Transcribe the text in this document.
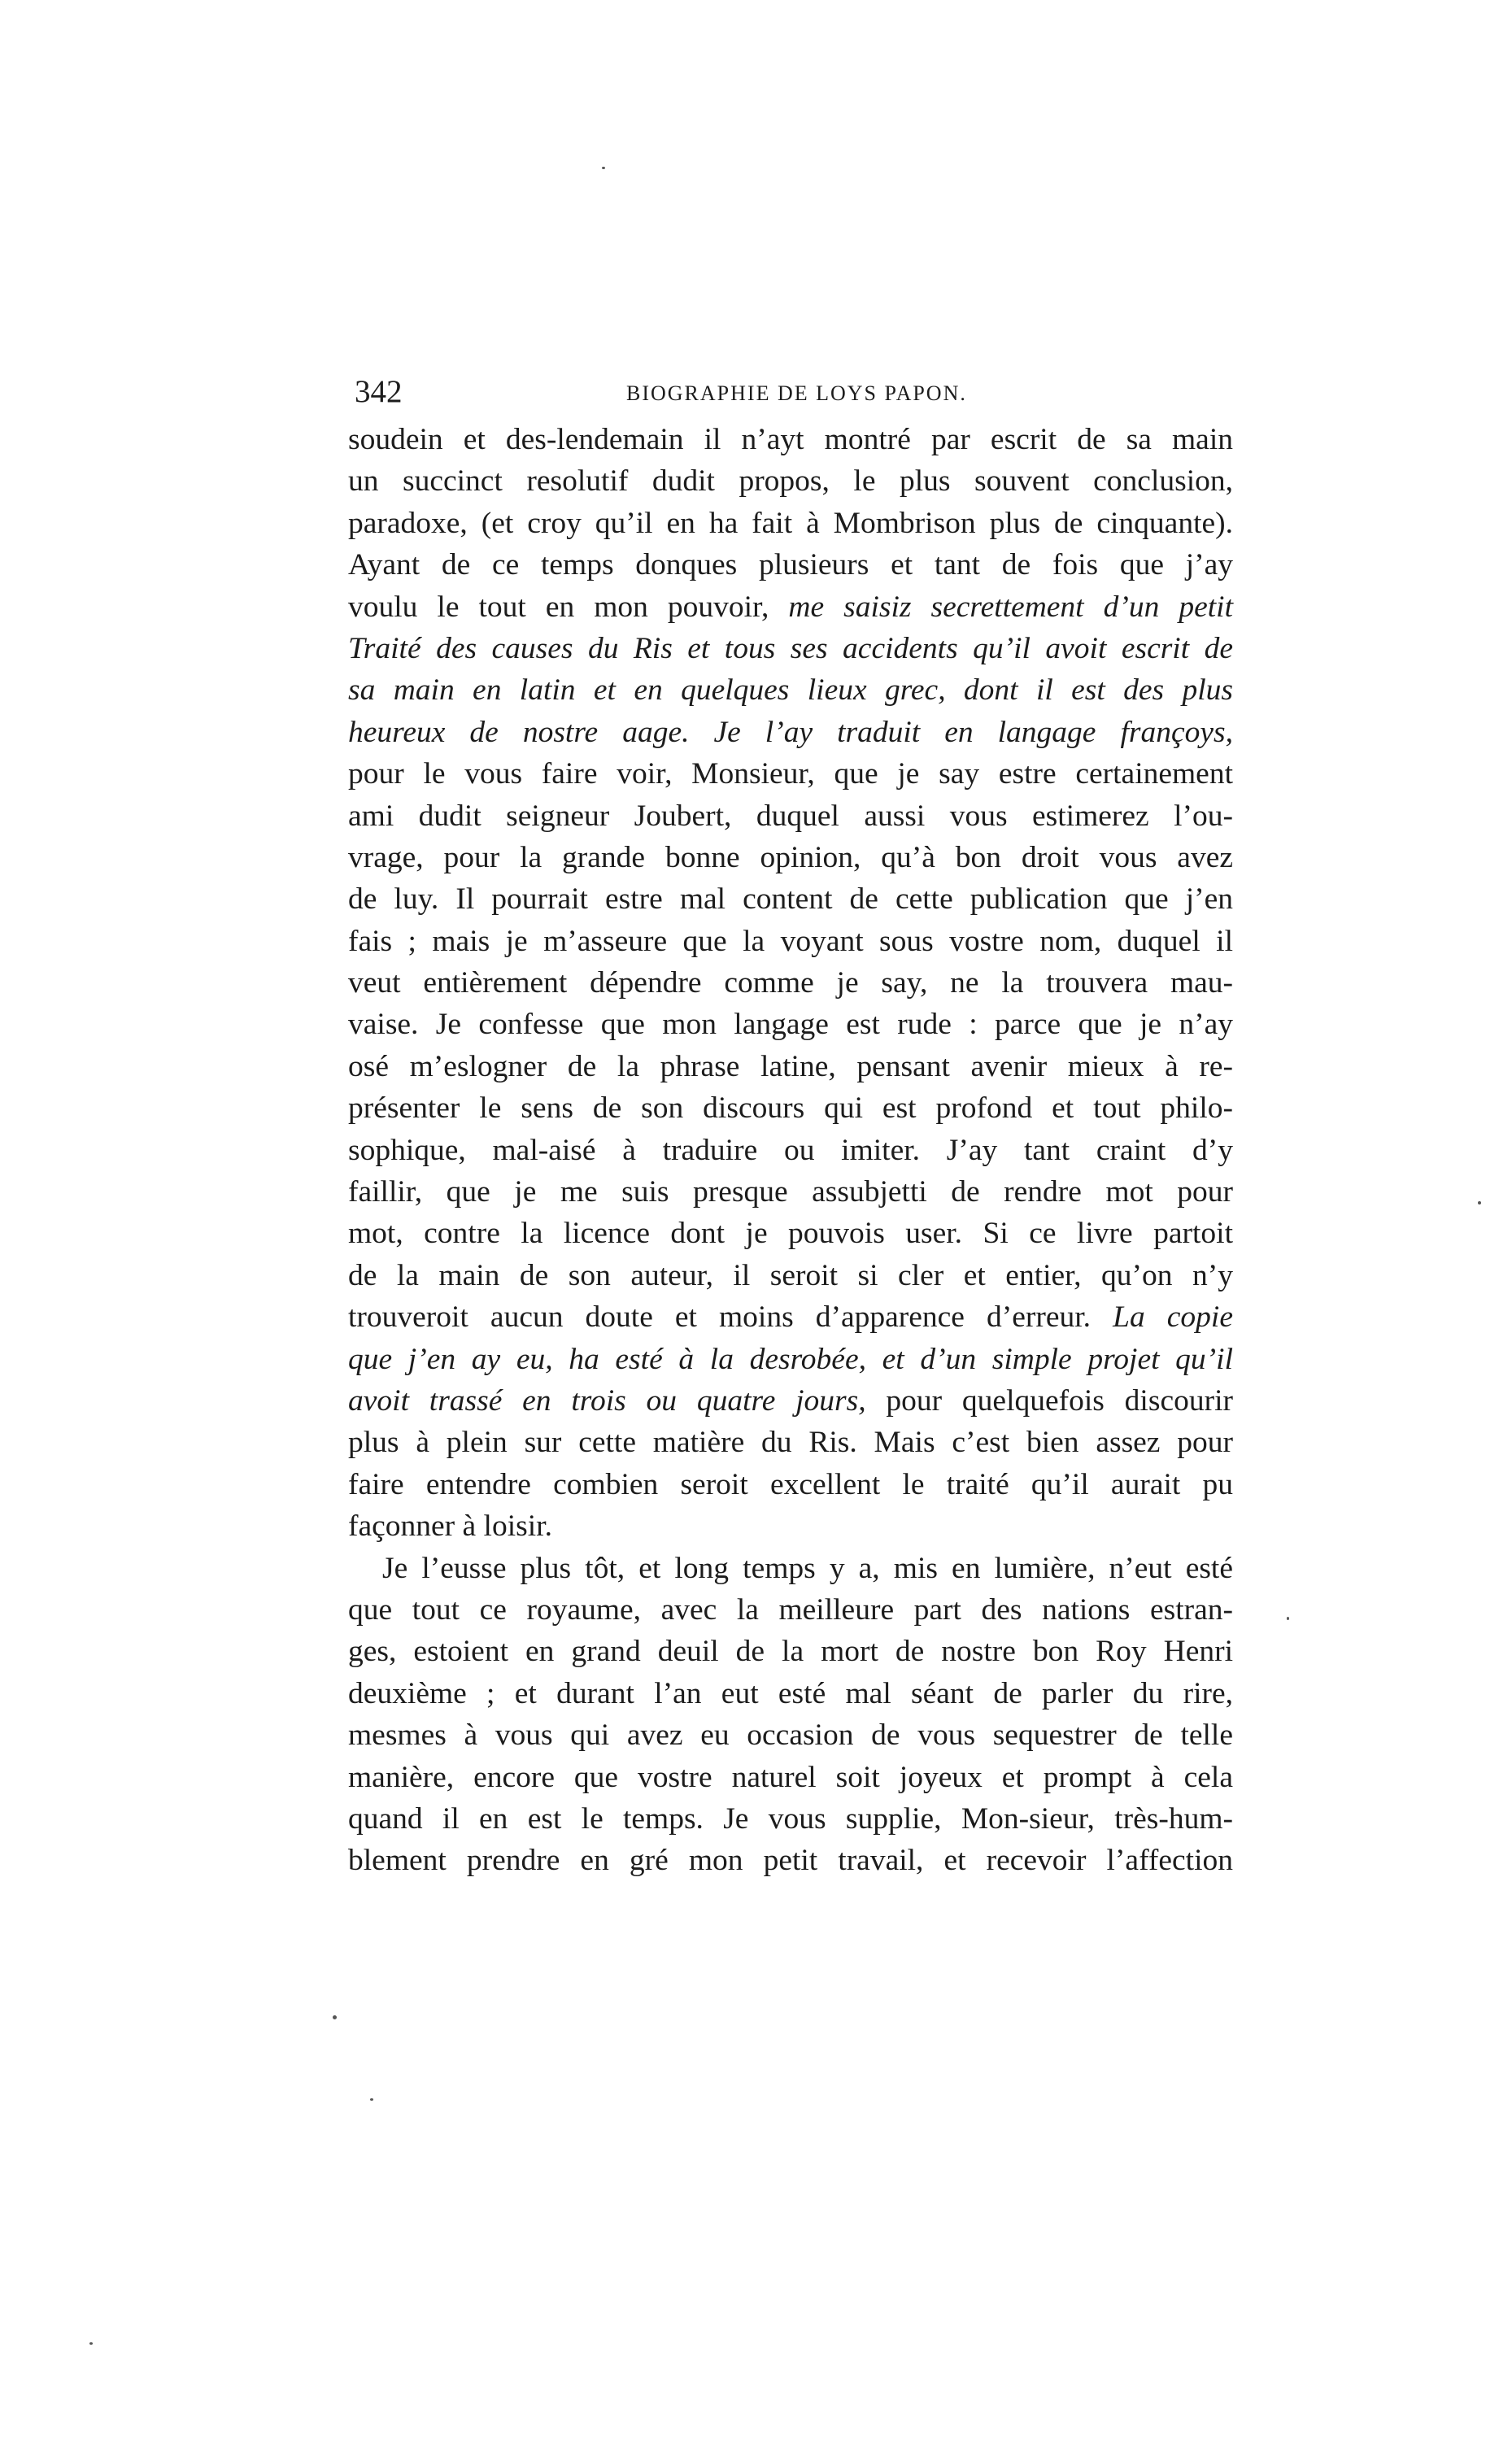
342	BIOGRAPHIE DE LOYS PAPON.
soudein et des-lendemain il n’ayt montré par escrit de sa main
un succinct resolutif dudit propos, le plus souvent conclusion,
paradoxe, (et croy qu’il en ha fait à Mombrison plus de cinquante).
Ayant de ce temps donques plusieurs et tant de fois que j’ay
voulu le tout en mon pouvoir, me saisiz secrettement d’un petit
Traité des causes du Ris et tous ses accidents qu’il avoit escrit de
sa main en latin et en quelques lieux grec, dont il est des plus
heureux de nostre aage. Je l’ay traduit en langage françoys,
pour le vous faire voir, Monsieur, que je say estre certainement
ami dudit seigneur Joubert, duquel aussi vous estimerez l’ou-
vrage, pour la grande bonne opinion, qu’à bon droit vous avez
de luy. Il pourrait estre mal content de cette publication que j’en
fais ; mais je m’asseure que la voyant sous vostre nom, duquel il
veut entièrement dépendre comme je say, ne la trouvera mau-
vaise. Je confesse que mon langage est rude : parce que je n’ay
osé m’eslogner de la phrase latine, pensant avenir mieux à re-
présenter le sens de son discours qui est profond et tout philo-
sophique, mal-aisé à traduire ou imiter. J’ay tant craint d’y
faillir, que je me suis presque assubjetti de rendre mot pour
mot, contre la licence dont je pouvois user. Si ce livre partoit
de la main de son auteur, il seroit si cler et entier, qu’on n’y
trouveroit aucun doute et moins d’apparence d’erreur. La copie
que j’en ay eu, ha esté à la desrobée, et d’un simple projet qu’il
avoit trassé en trois ou quatre jours, pour quelquefois discourir
plus à plein sur cette matière du Ris. Mais c’est bien assez pour
faire entendre combien seroit excellent le traité qu’il aurait pu
façonner à loisir.
Je l’eusse plus tôt, et long temps y a, mis en lumière, n’eut esté
que tout ce royaume, avec la meilleure part des nations estran-
ges, estoient en grand deuil de la mort de nostre bon Roy Henri
deuxième ; et durant l’an eut esté mal séant de parler du rire,
mesmes à vous qui avez eu occasion de vous sequestrer de telle
manière, encore que vostre naturel soit joyeux et prompt à cela
quand il en est le temps. Je vous supplie, Mon-sieur, très-hum-
blement prendre en gré mon petit travail, et recevoir l’affection
